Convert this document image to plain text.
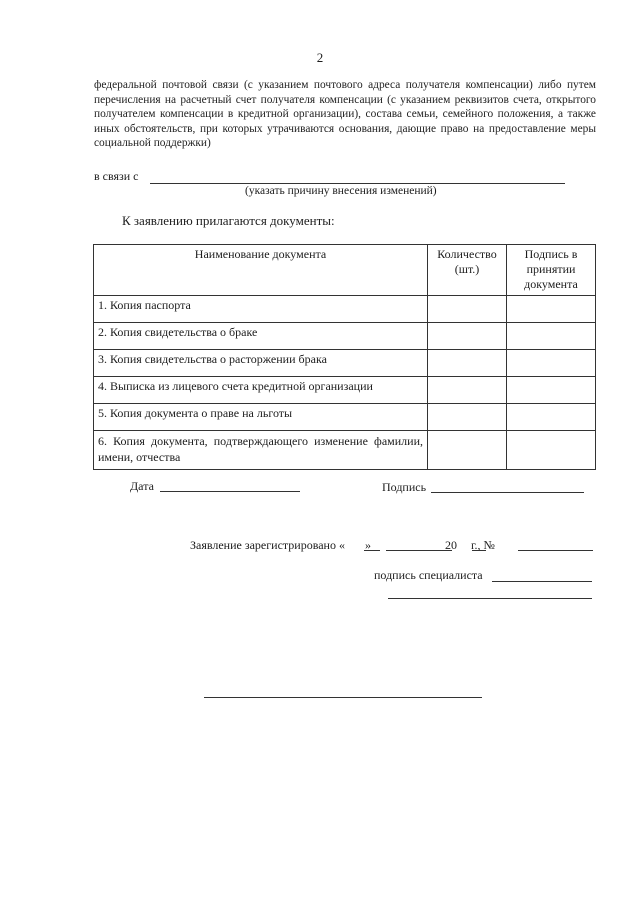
2
федеральной почтовой связи (с указанием почтового адреса получателя компенсации) либо путем перечисления на расчетный счет получателя компенсации (с указанием реквизитов счета, открытого получателем компенсации в кредитной организации), состава семьи, семейного положения, а также иных обстоятельств, при которых утрачиваются основания, дающие право на предоставление меры социальной поддержки)
в связи с
(указать причину внесения изменений)
К заявлению прилагаются документы:
Наименование документа	Количество (шт.)	Подпись в принятии документа
1. Копия паспорта		
2. Копия свидетельства о браке		
3. Копия свидетельства о расторжении брака		
4. Выписка из лицевого счета кредитной организации		
5. Копия документа о праве на льготы		
6. Копия документа, подтверждающего изменение фамилии, имени, отчества		
Дата	Подпись
Заявление зарегистрировано « »	20 г., №
подпись специалиста
